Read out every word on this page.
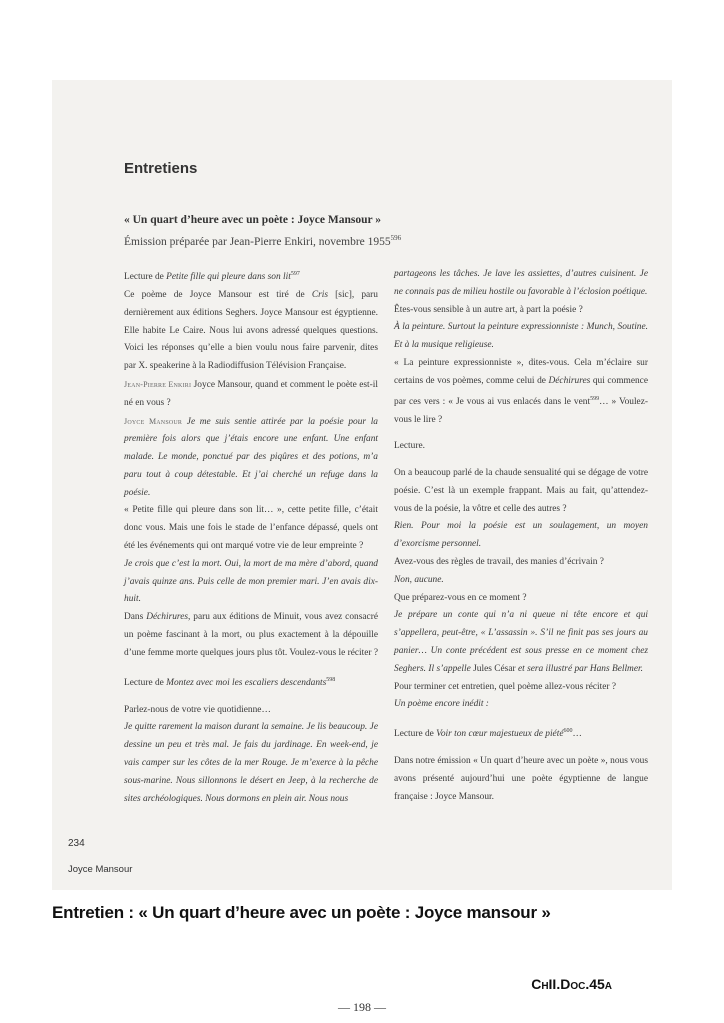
Entretiens
« Un quart d’heure avec un poète : Joyce Mansour »
Émission préparée par Jean-Pierre Enkiri, novembre 1955$^{596}$

Lecture de Petite fille qui pleure dans son lit$^{597}$

Ce poème de Joyce Mansour est tiré de Cris [sic], paru dernièrement aux éditions Seghers. Joyce Mansour est égyptienne. Elle habite Le Caire. Nous lui avons adressé quelques questions. Voici les réponses qu’elle a bien voulu nous faire parvenir, dites par X. speakerine à la Radiodiffusion Télévision Française.

Jean-Pierre Enkiri Joyce Mansour, quand et comment le poète est-il né en vous ?

Joyce Mansour Je me suis sentie attirée par la poésie pour la première fois alors que j’étais encore une enfant. Une enfant malade. Le monde, ponctué par des piqûres et des potions, m’a paru tout à coup détestable. Et j’ai cherché un refuge dans la poésie.

« Petite fille qui pleure dans son lit… », cette petite fille, c’était donc vous. Mais une fois le stade de l’enfance dépassé, quels ont été les événements qui ont marqué votre vie de leur empreinte ?

Je crois que c’est la mort. Oui, la mort de ma mère d’abord, quand j’avais quinze ans. Puis celle de mon premier mari. J’en avais dix-huit.

Dans Déchirures, paru aux éditions de Minuit, vous avez consacré un poème fascinant à la mort, ou plus exactement à la dépouille d’une femme morte quelques jours plus tôt. Voulez-vous le réciter ?

Lecture de Montez avec moi les escaliers descendants$^{598}$

Parlez-nous de votre vie quotidienne…

Je quitte rarement la maison durant la semaine. Je lis beaucoup. Je dessine un peu et très mal. Je fais du jardinage. En week-end, je vais camper sur les côtes de la mer Rouge. Je m’exerce à la pêche sous-marine. Nous sillonnons le désert en Jeep, à la recherche de sites archéologiques. Nous dormons en plein air. Nous nous

partageons les tâches. Je lave les assiettes, d’autres cuisinent. Je ne connais pas de milieu hostile ou favorable à l’éclosion poétique.

Êtes-vous sensible à un autre art, à part la poésie ?

À la peinture. Surtout la peinture expressionniste : Munch, Soutine. Et à la musique religieuse.

« La peinture expressionniste », dites-vous. Cela m’éclaire sur certains de vos poèmes, comme celui de Déchirures qui commence par ces vers : « Je vous ai vus enlacés dans le vent$^{599}$… » Voulez-vous le lire ?

Lecture.

On a beaucoup parlé de la chaude sensualité qui se dégage de votre poésie. C’est là un exemple frappant. Mais au fait, qu’attendez-vous de la poésie, la vôtre et celle des autres ?

Rien. Pour moi la poésie est un soulagement, un moyen d’exorcisme personnel.

Avez-vous des règles de travail, des manies d’écrivain ?

Non, aucune.

Que préparez-vous en ce moment ?

Je prépare un conte qui n’a ni queue ni tête encore et qui s’appellera, peut-être, « L’assassin ». S’il ne finit pas ses jours au panier… Un conte précédent est sous presse en ce moment chez Seghers. Il s’appelle Jules César et sera illustré par Hans Bellmer.

Pour terminer cet entretien, quel poème allez-vous réciter ?

Un poème encore inédit :

Lecture de Voir ton cœur majestueux de piété$^{600}$…

Dans notre émission « Un quart d’heure avec un poète », nous vous avons présenté aujourd’hui une poète égyptienne de langue française : Joyce Mansour.

234
Joyce Mansour
Entretien : « Un quart d’heure avec un poète : Joyce mansour »
ChII.Doc.45a
— 198 —
